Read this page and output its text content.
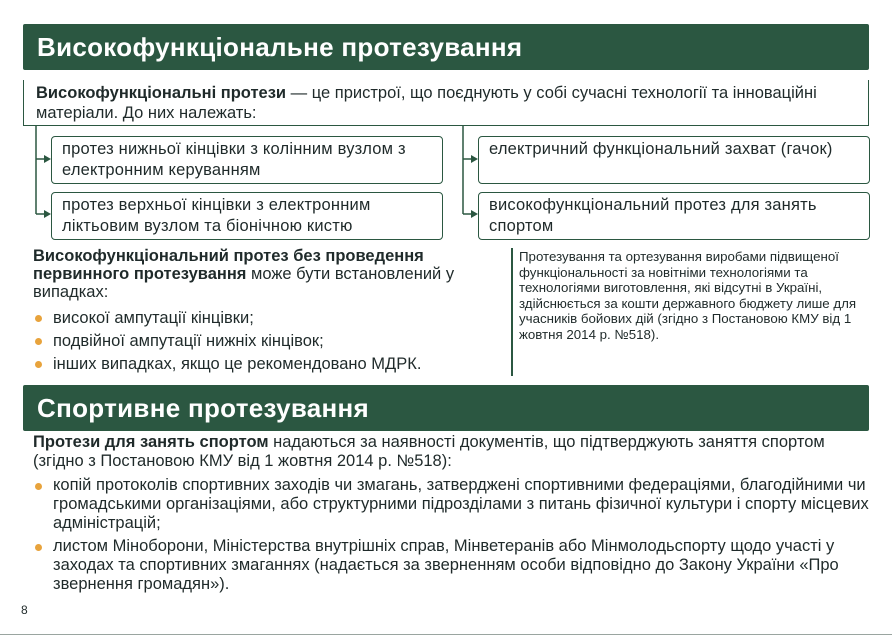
Високофункціональне протезування
Високофункціональні протези — це пристрої, що поєднують у собі сучасні технології та інноваційні матеріали. До них належать:
протез нижньої кінцівки з колінним вузлом з електронним керуванням
протез верхньої кінцівки з електронним ліктьовим вузлом та біонічною кистю
електричний функціональний захват (гачок)
високофункціональний протез для занять спортом
Високофункціональний протез без проведення первинного протезування може бути встановлений у випадках:
високої ампутації кінцівки;
подвійної ампутації нижніх кінцівок;
інших випадках, якщо це рекомендовано МДРК.
Протезування та ортезування виробами підвищеної функціональності за новітніми технологіями та технологіями виготовлення, які відсутні в Україні, здійснюється за кошти державного бюджету лише для учасників бойових дій (згідно з Постановою КМУ від 1 жовтня 2014 р. №518).
Спортивне протезування
Протези для занять спортом надаються за наявності документів, що підтверджують заняття спортом (згідно з Постановою КМУ від 1 жовтня 2014 р. №518):
копій протоколів спортивних заходів чи змагань, затверджені спортивними федераціями, благодійними чи громадськими організаціями, або структурними підрозділами з питань фізичної культури і спорту місцевих адміністрацій;
листом Міноборони, Міністерства внутрішніх справ, Мінветеранів або Мінмолодьспорту щодо участі у заходах та спортивних змаганнях (надається за зверненням особи відповідно до Закону України «Про звернення громадян»).
8
